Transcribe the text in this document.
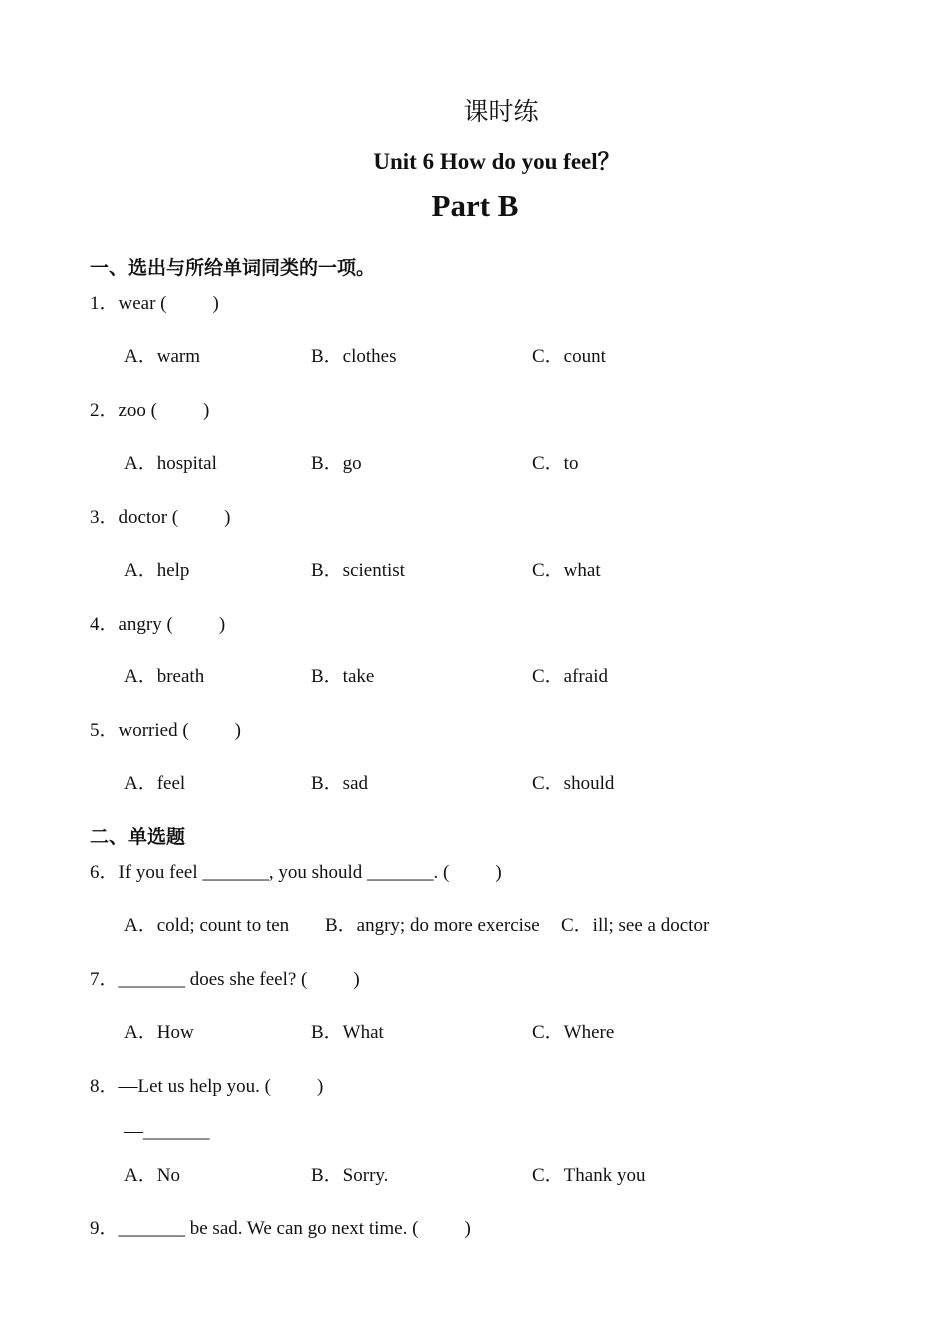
课时练
Unit 6 How do you feel？
Part B
一、选出与所给单词同类的一项。
1．wear ( )
A．warm	B．clothes	C．count
2．zoo ( )
A．hospital	B．go	C．to
3．doctor ( )
A．help	B．scientist	C．what
4．angry ( )
A．breath	B．take	C．afraid
5．worried ( )
A．feel	B．sad	C．should
二、单选题
6．If you feel _______, you should _______. ( )
A．cold; count to ten B．angry; do more exercise C．ill; see a doctor
7．_______ does she feel? ( )
A．How	B．What	C．Where
8．—Let us help you. ( )
—_______
A．No	B．Sorry.	C．Thank you
9．_______ be sad. We can go next time. ( )
